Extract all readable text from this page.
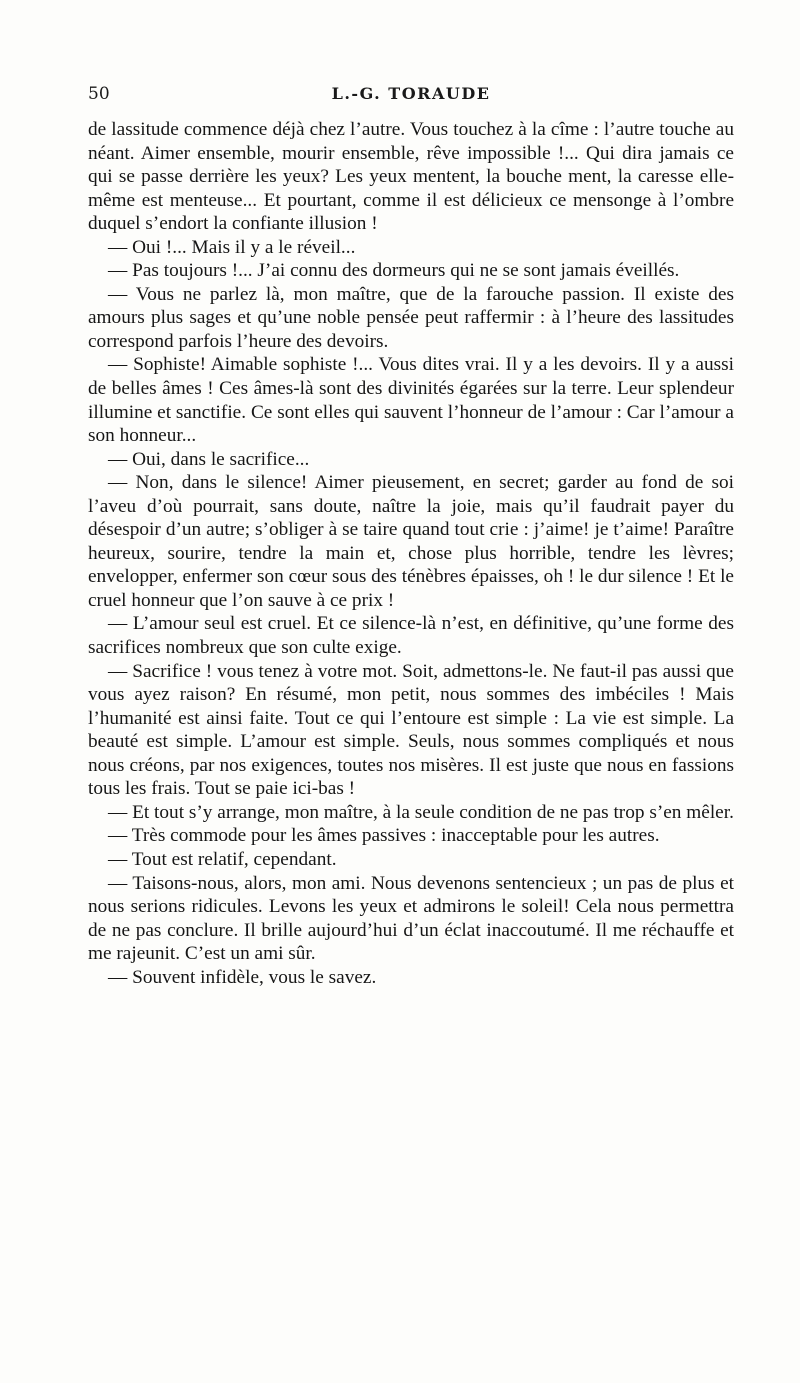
50	L.-G. TORAUDE

de lassitude commence déjà chez l’autre. Vous touchez à la cîme : l’autre touche au néant. Aimer ensemble, mourir ensemble, rêve impossible !... Qui dira jamais ce qui se passe derrière les yeux? Les yeux mentent, la bouche ment, la caresse elle-même est menteuse... Et pourtant, comme il est délicieux ce mensonge à l’ombre duquel s’endort la confiante illusion !

— Oui !... Mais il y a le réveil...

— Pas toujours !... J’ai connu des dormeurs qui ne se sont jamais éveillés.

— Vous ne parlez là, mon maître, que de la farouche passion. Il existe des amours plus sages et qu’une noble pensée peut raffermir : à l’heure des lassitudes correspond parfois l’heure des devoirs.

— Sophiste! Aimable sophiste !... Vous dites vrai. Il y a les devoirs. Il y a aussi de belles âmes ! Ces âmes-là sont des divinités égarées sur la terre. Leur splendeur illumine et sanctifie. Ce sont elles qui sauvent l’honneur de l’amour : Car l’amour a son honneur...

— Oui, dans le sacrifice...

— Non, dans le silence! Aimer pieusement, en secret; garder au fond de soi l’aveu d’où pourrait, sans doute, naître la joie, mais qu’il faudrait payer du désespoir d’un autre; s’obliger à se taire quand tout crie : j’aime! je t’aime! Paraître heureux, sourire, tendre la main et, chose plus horrible, tendre les lèvres; envelopper, enfermer son cœur sous des ténèbres épaisses, oh ! le dur silence ! Et le cruel honneur que l’on sauve à ce prix !

— L’amour seul est cruel. Et ce silence-là n’est, en définitive, qu’une forme des sacrifices nombreux que son culte exige.

— Sacrifice ! vous tenez à votre mot. Soit, admettons-le. Ne faut-il pas aussi que vous ayez raison? En résumé, mon petit, nous sommes des imbéciles ! Mais l’humanité est ainsi faite. Tout ce qui l’entoure est simple : La vie est simple. La beauté est simple. L’amour est simple. Seuls, nous sommes compliqués et nous nous créons, par nos exigences, toutes nos misères. Il est juste que nous en fassions tous les frais. Tout se paie ici-bas !

— Et tout s’y arrange, mon maître, à la seule condition de ne pas trop s’en mêler.

— Très commode pour les âmes passives : inacceptable pour les autres.

— Tout est relatif, cependant.

— Taisons-nous, alors, mon ami. Nous devenons sentencieux ; un pas de plus et nous serions ridicules. Levons les yeux et admirons le soleil! Cela nous permettra de ne pas conclure. Il brille aujourd’hui d’un éclat inaccoutumé. Il me réchauffe et me rajeunit. C’est un ami sûr.

— Souvent infidèle, vous le savez.
